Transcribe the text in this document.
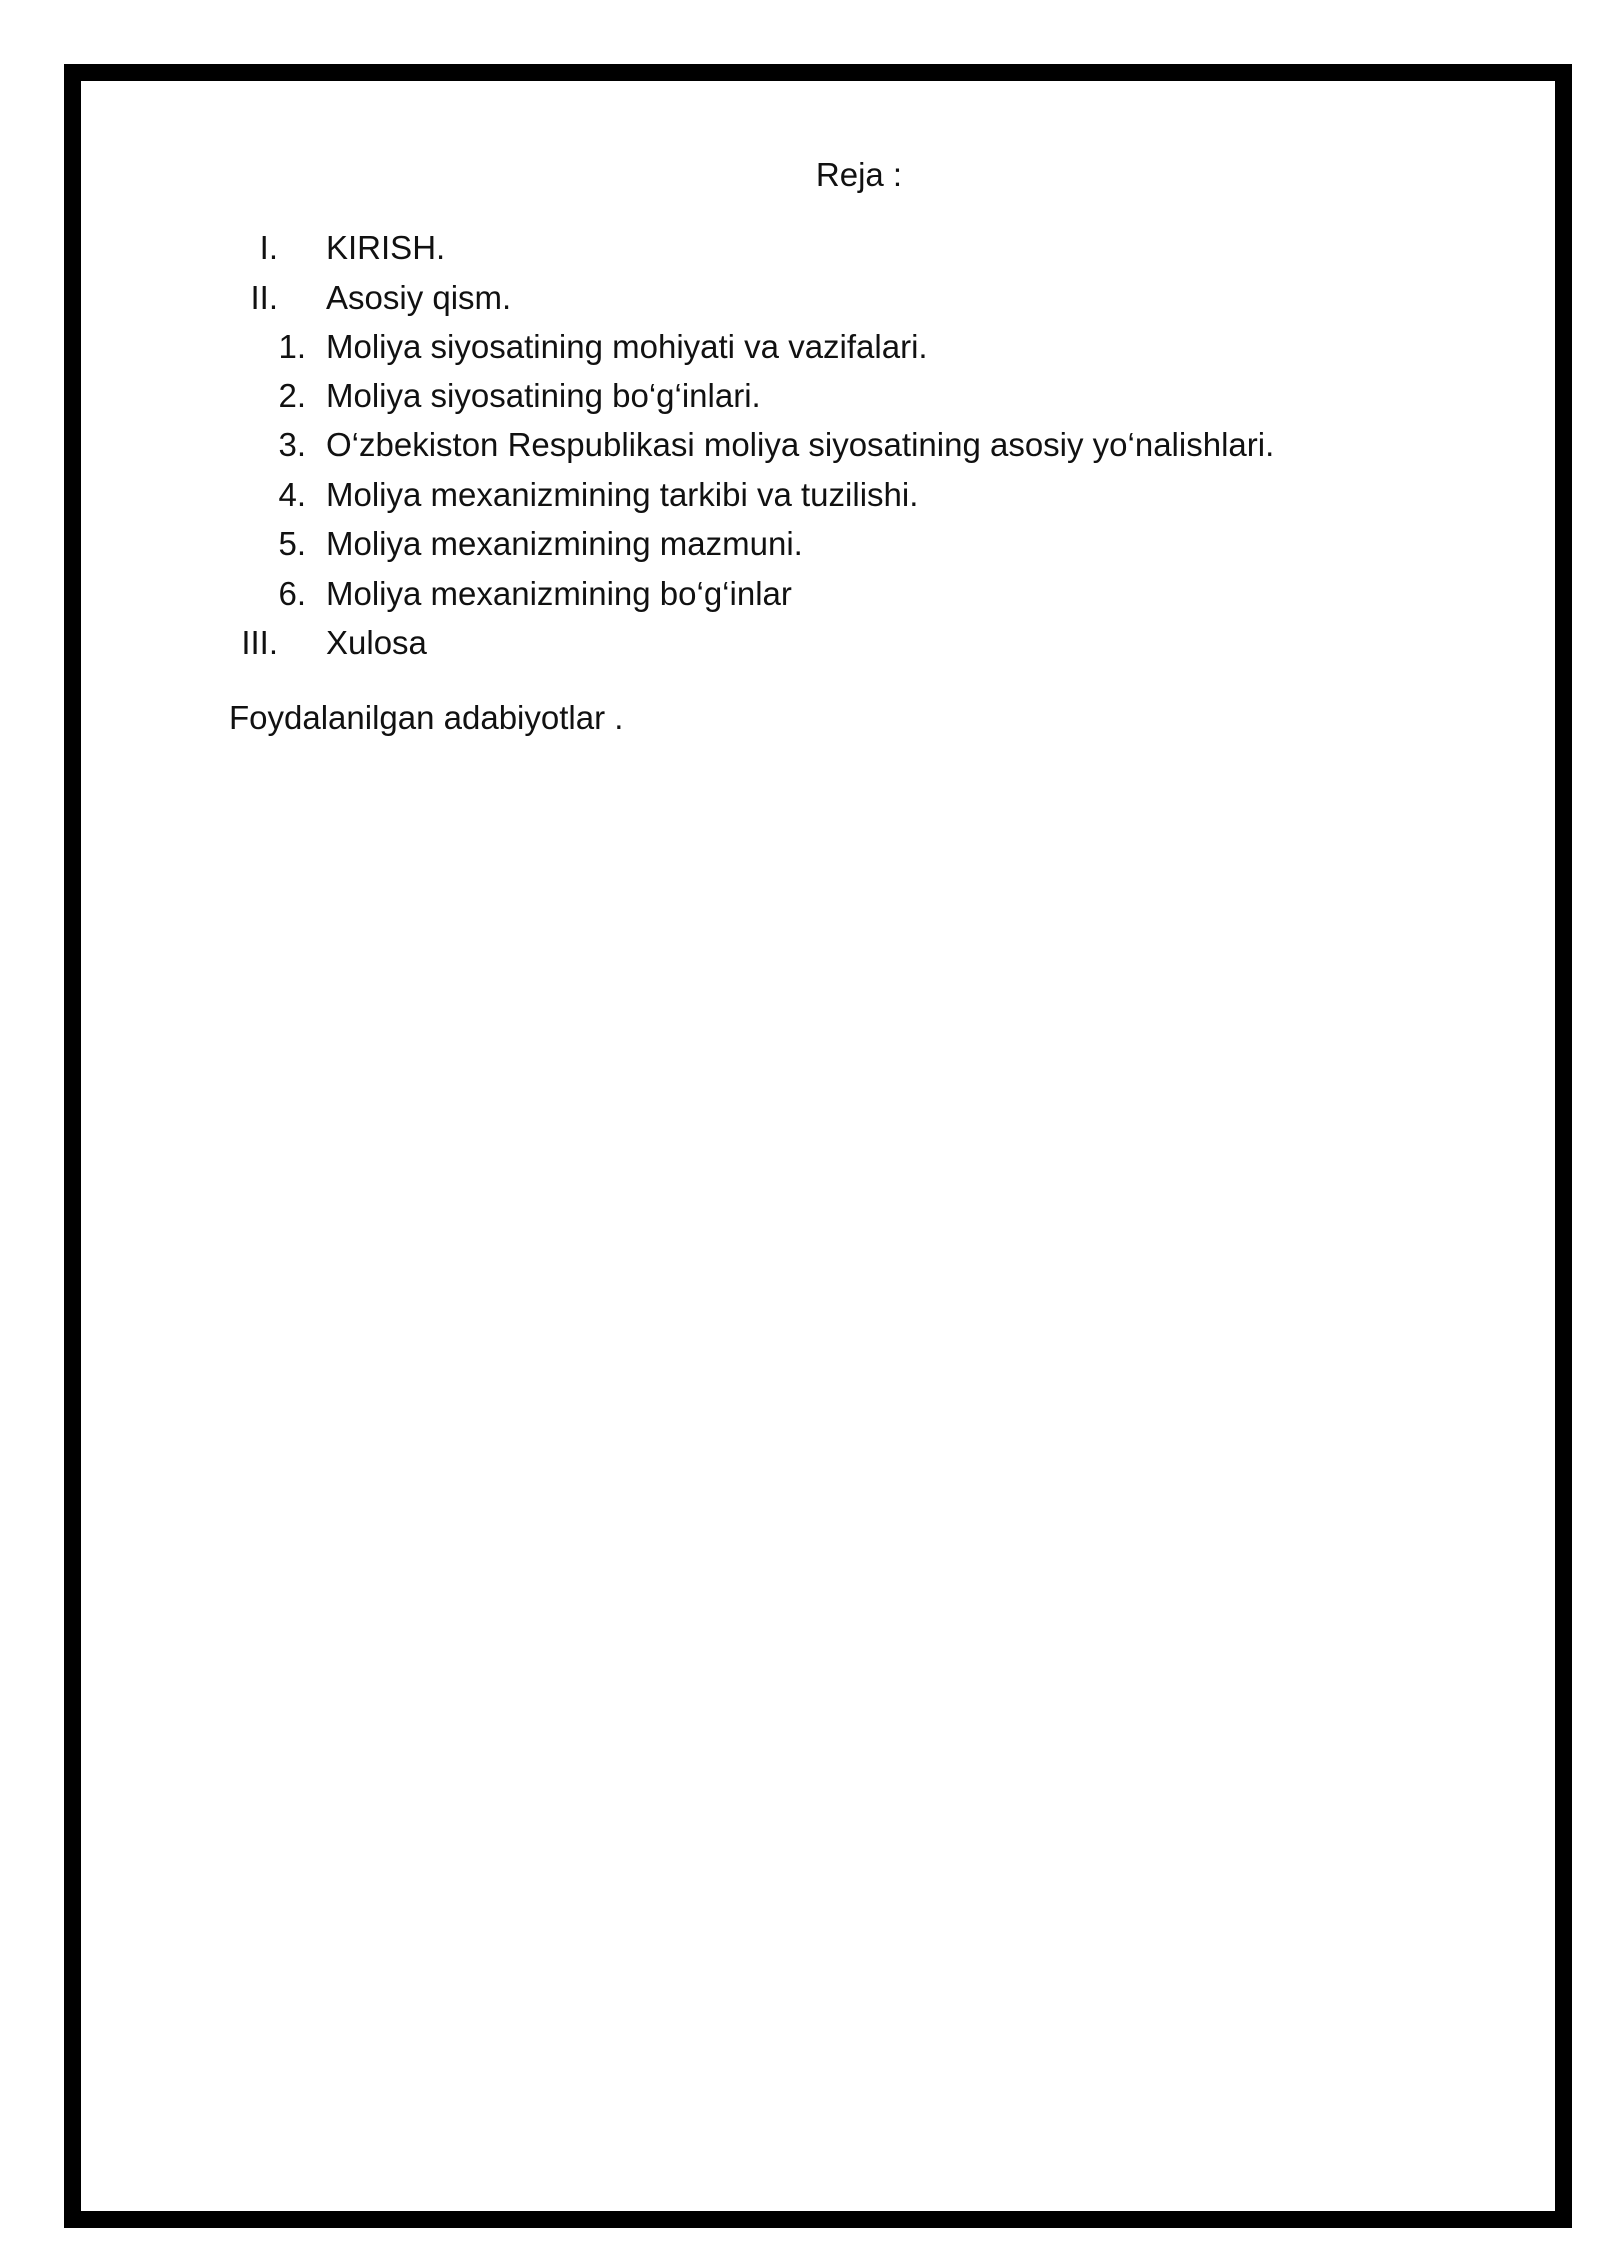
Reja :
I. KIRISH.
II. Asosiy qism.
1. Moliya siyosatining mohiyati va vazifalari.
2. Moliya siyosatining bo‘g‘inlari.
3. O‘zbekiston Respublikasi moliya siyosatining asosiy yo‘nalishlari.
4. Moliya mexanizmining tarkibi va tuzilishi.
5. Moliya mexanizmining mazmuni.
6. Moliya mexanizmining bo‘g‘inlar
III. Xulosa
Foydalanilgan adabiyotlar .
